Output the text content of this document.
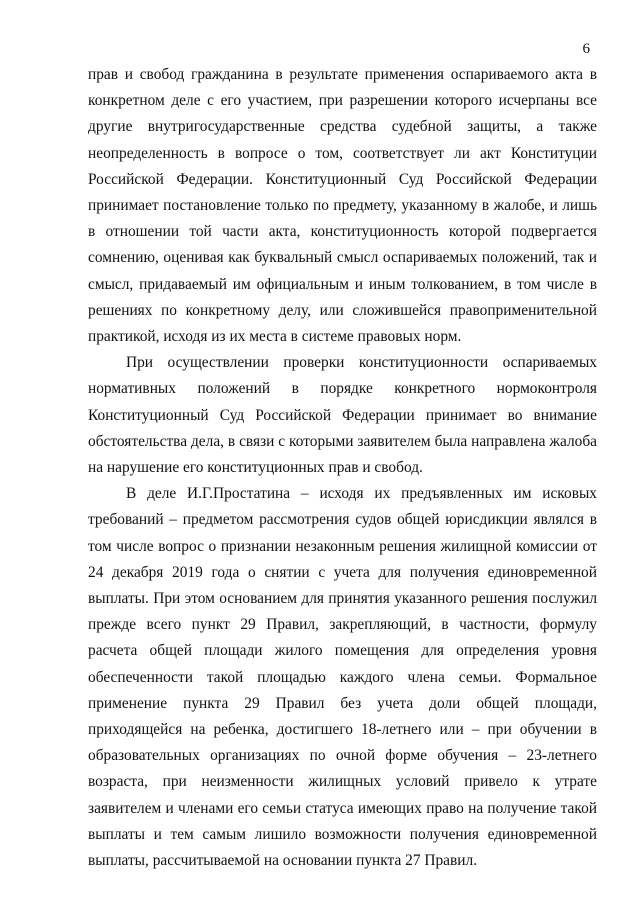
6

прав и свобод гражданина в результате применения оспариваемого акта в конкретном деле с его участием, при разрешении которого исчерпаны все другие внутригосударственные средства судебной защиты, а также неопределенность в вопросе о том, соответствует ли акт Конституции Российской Федерации. Конституционный Суд Российской Федерации принимает постановление только по предмету, указанному в жалобе, и лишь в отношении той части акта, конституционность которой подвергается сомнению, оценивая как буквальный смысл оспариваемых положений, так и смысл, придаваемый им официальным и иным толкованием, в том числе в решениях по конкретному делу, или сложившейся правоприменительной практикой, исходя из их места в системе правовых норм.

При осуществлении проверки конституционности оспариваемых нормативных положений в порядке конкретного нормоконтроля Конституционный Суд Российской Федерации принимает во внимание обстоятельства дела, в связи с которыми заявителем была направлена жалоба на нарушение его конституционных прав и свобод.

В деле И.Г.Простатина – исходя их предъявленных им исковых требований – предметом рассмотрения судов общей юрисдикции являлся в том числе вопрос о признании незаконным решения жилищной комиссии от 24 декабря 2019 года о снятии с учета для получения единовременной выплаты. При этом основанием для принятия указанного решения послужил прежде всего пункт 29 Правил, закрепляющий, в частности, формулу расчета общей площади жилого помещения для определения уровня обеспеченности такой площадью каждого члена семьи. Формальное применение пункта 29 Правил без учета доли общей площади, приходящейся на ребенка, достигшего 18-летнего или – при обучении в образовательных организациях по очной форме обучения – 23-летнего возраста, при неизменности жилищных условий привело к утрате заявителем и членами его семьи статуса имеющих право на получение такой выплаты и тем самым лишило возможности получения единовременной выплаты, рассчитываемой на основании пункта 27 Правил.
